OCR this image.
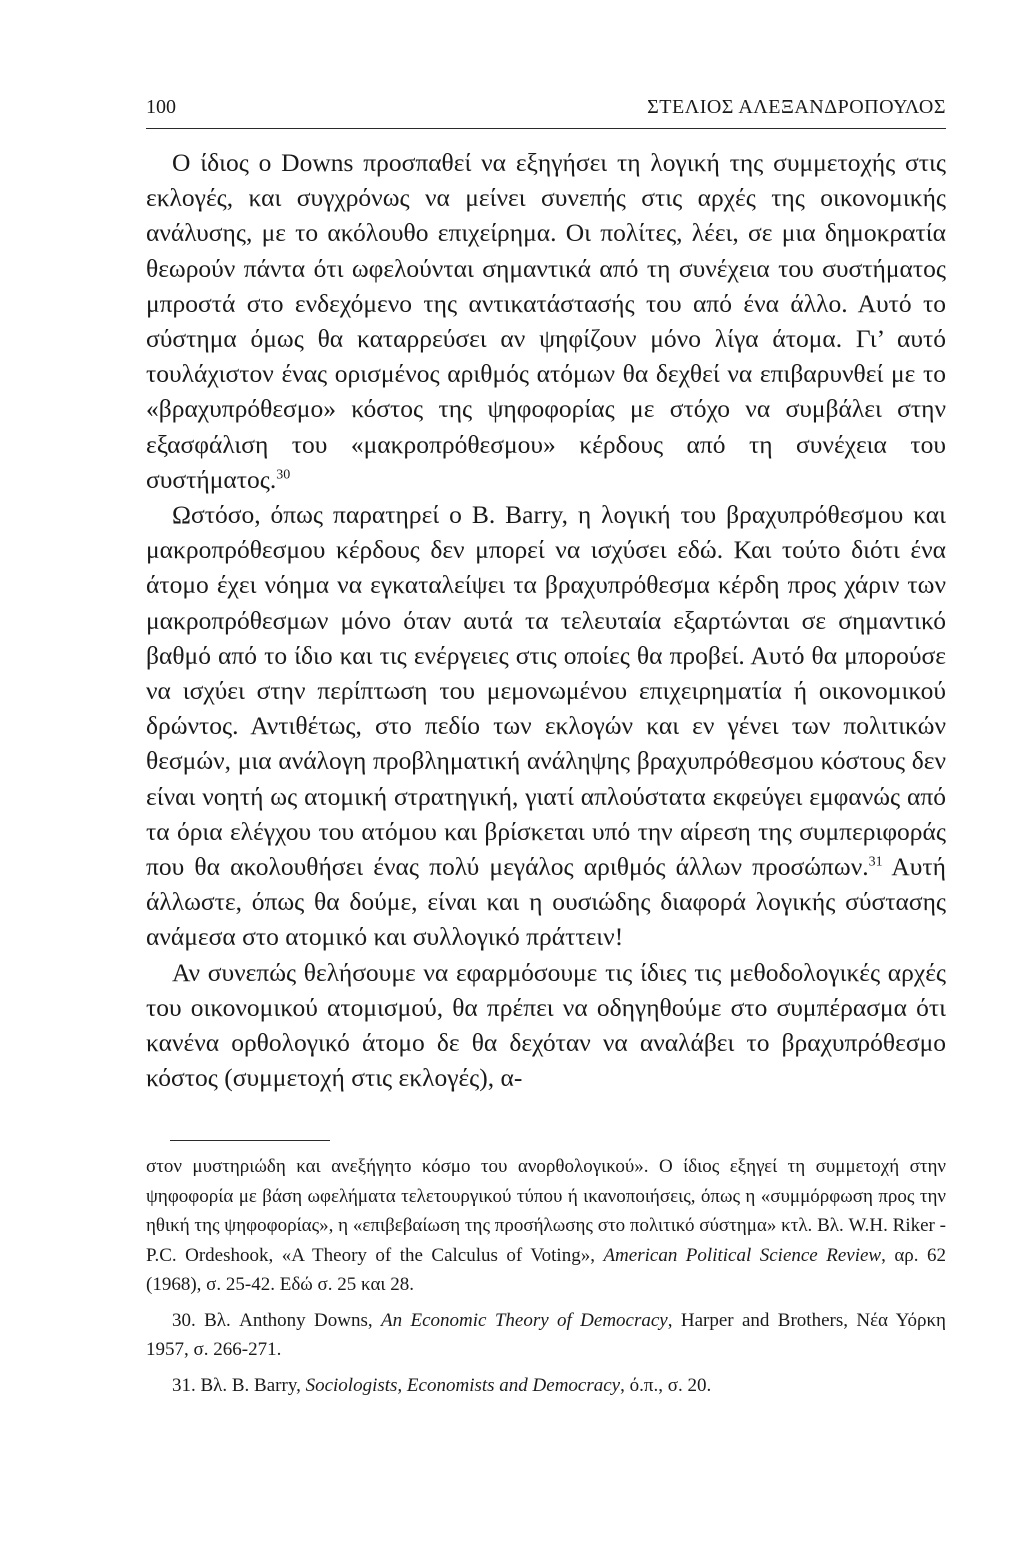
100	ΣΤΕΛΙΟΣ ΑΛΕΞΑΝΔΡΟΠΟΥΛΟΣ

Ο ίδιος ο Downs προσπαθεί να εξηγήσει τη λογική της συμμετοχής στις εκλογές, και συγχρόνως να μείνει συνεπής στις αρχές της οικονομικής ανάλυσης, με το ακόλουθο επιχείρημα. Οι πολίτες, λέει, σε μια δημοκρατία θεωρούν πάντα ότι ωφελούνται σημαντικά από τη συνέχεια του συστήματος μπροστά στο ενδεχόμενο της αντικατάστασής του από ένα άλλο. Αυτό το σύστημα όμως θα καταρρεύσει αν ψηφίζουν μόνο λίγα άτομα. Γι’ αυτό τουλάχιστον ένας ορισμένος αριθμός ατόμων θα δεχθεί να επιβαρυνθεί με το «βραχυπρόθεσμο» κόστος της ψηφοφορίας με στόχο να συμβάλει στην εξασφάλιση του «μακροπρόθεσμου» κέρδους από τη συνέχεια του συστήματος.$^{30}$

Ωστόσο, όπως παρατηρεί ο B. Barry, η λογική του βραχυπρόθεσμου και μακροπρόθεσμου κέρδους δεν μπορεί να ισχύσει εδώ. Και τούτο διότι ένα άτομο έχει νόημα να εγκαταλείψει τα βραχυπρόθεσμα κέρδη προς χάριν των μακροπρόθεσμων μόνο όταν αυτά τα τελευταία εξαρτώνται σε σημαντικό βαθμό από το ίδιο και τις ενέργειες στις οποίες θα προβεί. Αυτό θα μπορούσε να ισχύει στην περίπτωση του μεμονωμένου επιχειρηματία ή οικονομικού δρώντος. Αντιθέτως, στο πεδίο των εκλογών και εν γένει των πολιτικών θεσμών, μια ανάλογη προβληματική ανάληψης βραχυπρόθεσμου κόστους δεν είναι νοητή ως ατομική στρατηγική, γιατί απλούστατα εκφεύγει εμφανώς από τα όρια ελέγχου του ατόμου και βρίσκεται υπό την αίρεση της συμπεριφοράς που θα ακολουθήσει ένας πολύ μεγάλος αριθμός άλλων προσώπων.$^{31}$ Αυτή άλλωστε, όπως θα δούμε, είναι και η ουσιώδης διαφορά λογικής σύστασης ανάμεσα στο ατομικό και συλλογικό πράττειν!

Αν συνεπώς θελήσουμε να εφαρμόσουμε τις ίδιες τις μεθοδολογικές αρχές του οικονομικού ατομισμού, θα πρέπει να οδηγηθούμε στο συμπέρασμα ότι κανένα ορθολογικό άτομο δε θα δεχόταν να αναλάβει το βραχυπρόθεσμο κόστος (συμμετοχή στις εκλογές), α-

στον μυστηριώδη και ανεξήγητο κόσμο του ανορθολογικού». Ο ίδιος εξηγεί τη συμμετοχή στην ψηφοφορία με βάση ωφελήματα τελετουργικού τύπου ή ικανοποιήσεις, όπως η «συμμόρφωση προς την ηθική της ψηφοφορίας», η «επιβεβαίωση της προσήλωσης στο πολιτικό σύστημα» κτλ. Βλ. W.H. Riker - P.C. Ordeshook, «A Theory of the Calculus of Voting», American Political Science Review, αρ. 62 (1968), σ. 25-42. Εδώ σ. 25 και 28.

30. Βλ. Anthony Downs, An Economic Theory of Democracy, Harper and Brothers, Νέα Υόρκη 1957, σ. 266-271.

31. Βλ. B. Barry, Sociologists, Economists and Democracy, ό.π., σ. 20.
